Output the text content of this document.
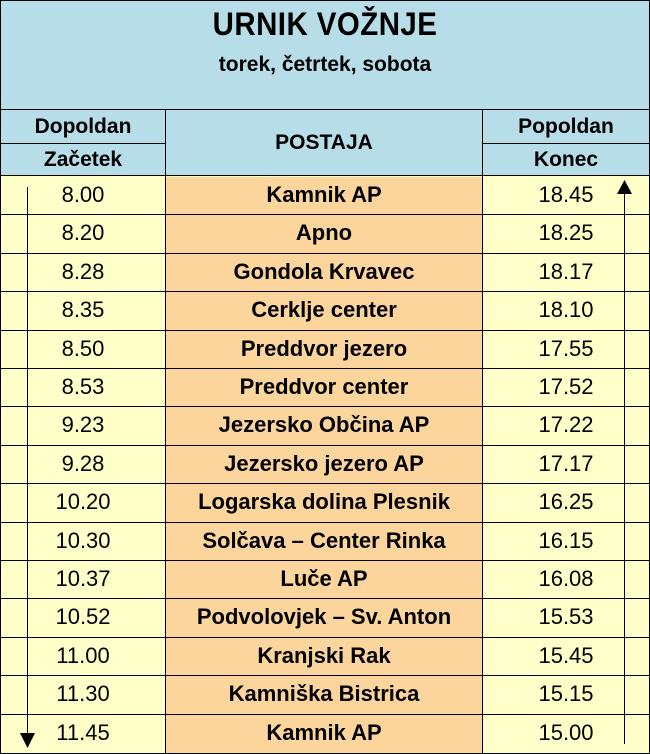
URNIK VOŽNJE
torek, četrtek, sobota
Dopoldan
Začetek
POSTAJA
Popoldan
Konec
8.00	Kamnik AP	18.45
8.20	Apno	18.25
8.28	Gondola Krvavec	18.17
8.35	Cerklje center	18.10
8.50	Preddvor jezero	17.55
8.53	Preddvor center	17.52
9.23	Jezersko Občina AP	17.22
9.28	Jezersko jezero AP	17.17
10.20	Logarska dolina Plesnik	16.25
10.30	Solčava – Center Rinka	16.15
10.37	Luče AP	16.08
10.52	Podvolovjek – Sv. Anton	15.53
11.00	Kranjski Rak	15.45
11.30	Kamniška Bistrica	15.15
11.45	Kamnik AP	15.00
